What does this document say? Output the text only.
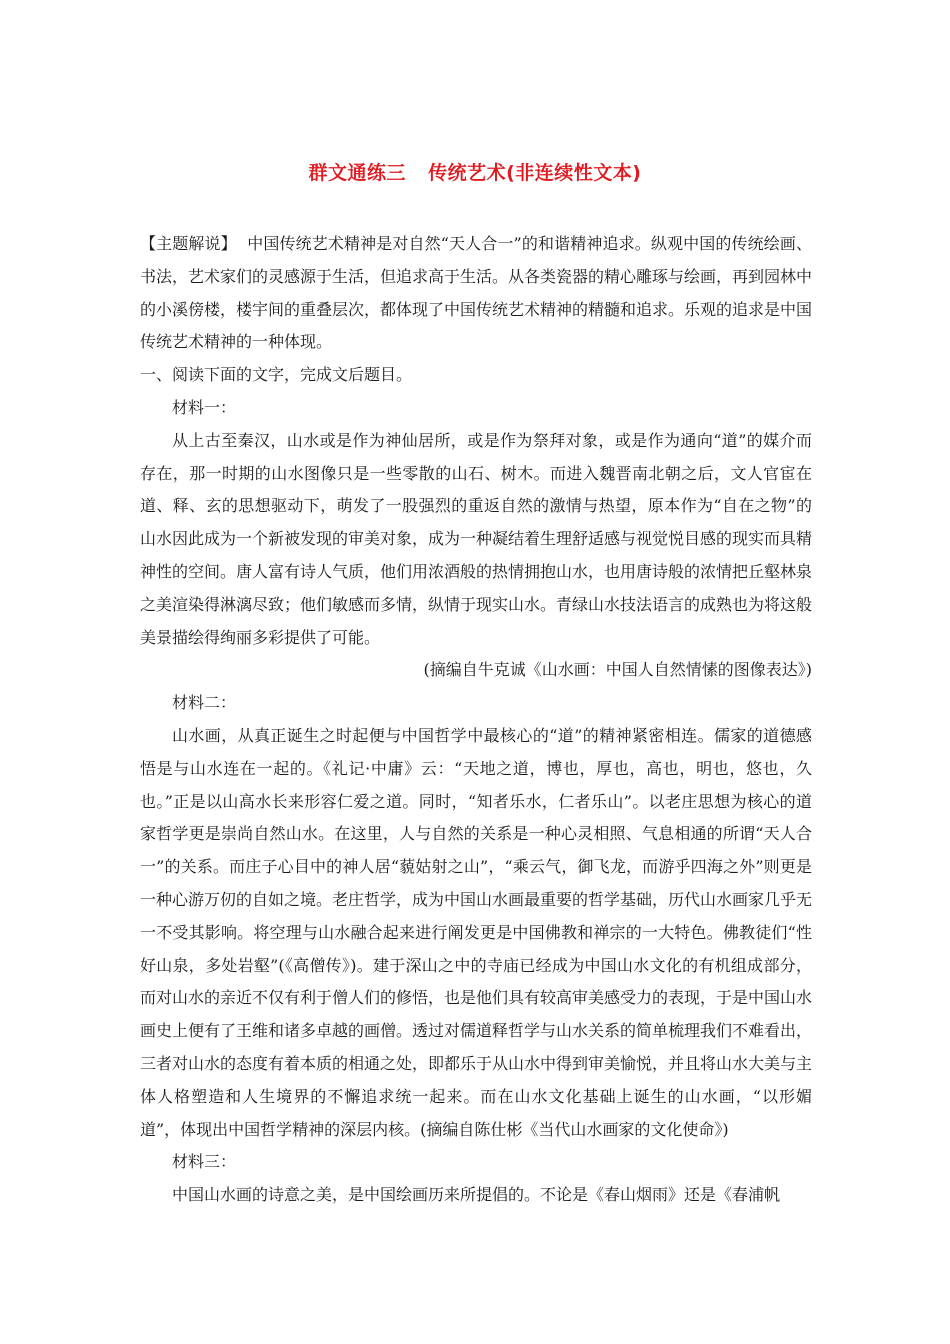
群文通练三 传统艺术(非连续性文本)

【主题解说】 中国传统艺术精神是对自然“天人合一”的和谐精神追求。纵观中国的传统绘画、书法，艺术家们的灵感源于生活，但追求高于生活。从各类瓷器的精心雕琢与绘画，再到园林中的小溪傍楼，楼宇间的重叠层次，都体现了中国传统艺术精神的精髓和追求。乐观的追求是中国传统艺术精神的一种体现。

一、阅读下面的文字，完成文后题目。

材料一：

从上古至秦汉，山水或是作为神仙居所，或是作为祭拜对象，或是作为通向“道”的媒介而存在，那一时期的山水图像只是一些零散的山石、树木。而进入魏晋南北朝之后，文人官宦在道、释、玄的思想驱动下，萌发了一股强烈的重返自然的激情与热望，原本作为“自在之物”的山水因此成为一个新被发现的审美对象，成为一种凝结着生理舒适感与视觉悦目感的现实而具精神性的空间。唐人富有诗人气质，他们用浓酒般的热情拥抱山水，也用唐诗般的浓情把丘壑林泉之美渲染得淋漓尽致；他们敏感而多情，纵情于现实山水。青绿山水技法语言的成熟也为将这般美景描绘得绚丽多彩提供了可能。

(摘编自牛克诚《山水画：中国人自然情愫的图像表达》)

材料二：

山水画，从真正诞生之时起便与中国哲学中最核心的“道”的精神紧密相连。儒家的道德感悟是与山水连在一起的。《礼记·中庸》云：“天地之道，博也，厚也，高也，明也，悠也，久也。”正是以山高水长来形容仁爱之道。同时，“知者乐水，仁者乐山”。以老庄思想为核心的道家哲学更是崇尚自然山水。在这里，人与自然的关系是一种心灵相照、气息相通的所谓“天人合一”的关系。而庄子心目中的神人居“藐姑射之山”，“乘云气，御飞龙，而游乎四海之外”则更是一种心游万仞的自如之境。老庄哲学，成为中国山水画最重要的哲学基础，历代山水画家几乎无一不受其影响。将空理与山水融合起来进行阐发更是中国佛教和禅宗的一大特色。佛教徒们“性好山泉，多处岩壑”(《高僧传》)。建于深山之中的寺庙已经成为中国山水文化的有机组成部分，而对山水的亲近不仅有利于僧人们的修悟，也是他们具有较高审美感受力的表现，于是中国山水画史上便有了王维和诸多卓越的画僧。透过对儒道释哲学与山水关系的简单梳理我们不难看出，三者对山水的态度有着本质的相通之处，即都乐于从山水中得到审美愉悦，并且将山水大美与主体人格塑造和人生境界的不懈追求统一起来。而在山水文化基础上诞生的山水画，“以形媚道”，体现出中国哲学精神的深层内核。(摘编自陈仕彬《当代山水画家的文化使命》)

材料三：

中国山水画的诗意之美，是中国绘画历来所提倡的。不论是《春山烟雨》还是《春浦帆
